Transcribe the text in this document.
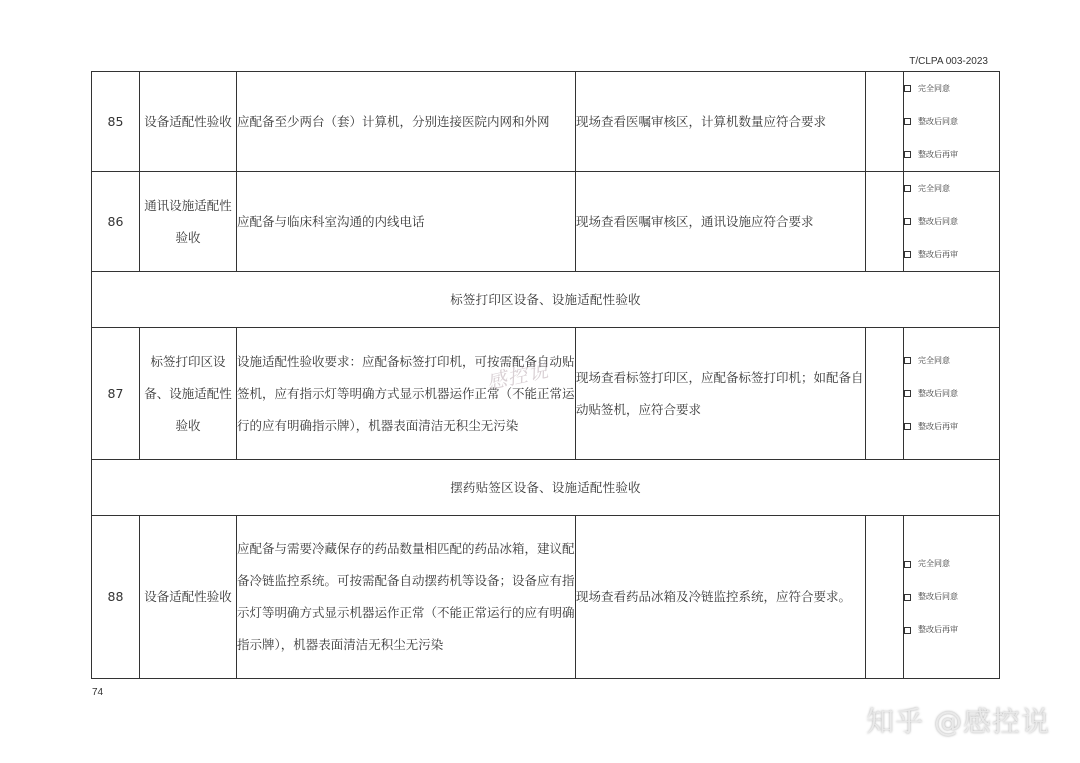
T/CLPA 003-2023
85	设备适配性验收	应配备至少两台（套）计算机，分别连接医院内网和外网	现场查看医嘱审核区，计算机数量应符合要求		完全同意
整改后同意
整改后再审

86	通讯设施适配性验收	应配备与临床科室沟通的内线电话	现场查看医嘱审核区，通讯设施应符合要求		完全同意
整改后同意
整改后再审

标签打印区设备、设施适配性验收					
87	标签打印区设备、设施适配性验收	设施适配性验收要求：应配备标签打印机，可按需配备自动贴签机，应有指示灯等明确方式显示机器运作正常（不能正常运行的应有明确指示牌），机器表面清洁无积尘无污染	现场查看标签打印区，应配备标签打印机；如配备自动贴签机，应符合要求		完全同意
整改后同意
整改后再审

摆药贴签区设备、设施适配性验收					
88	设备适配性验收	应配备与需要冷藏保存的药品数量相匹配的药品冰箱，建议配备冷链监控系统。可按需配备自动摆药机等设备；设备应有指示灯等明确方式显示机器运作正常（不能正常运行的应有明确指示牌），机器表面清洁无积尘无污染	现场查看药品冰箱及冷链监控系统，应符合要求。		完全同意
整改后同意
整改后再审
74
感控说
知乎 @感控说
